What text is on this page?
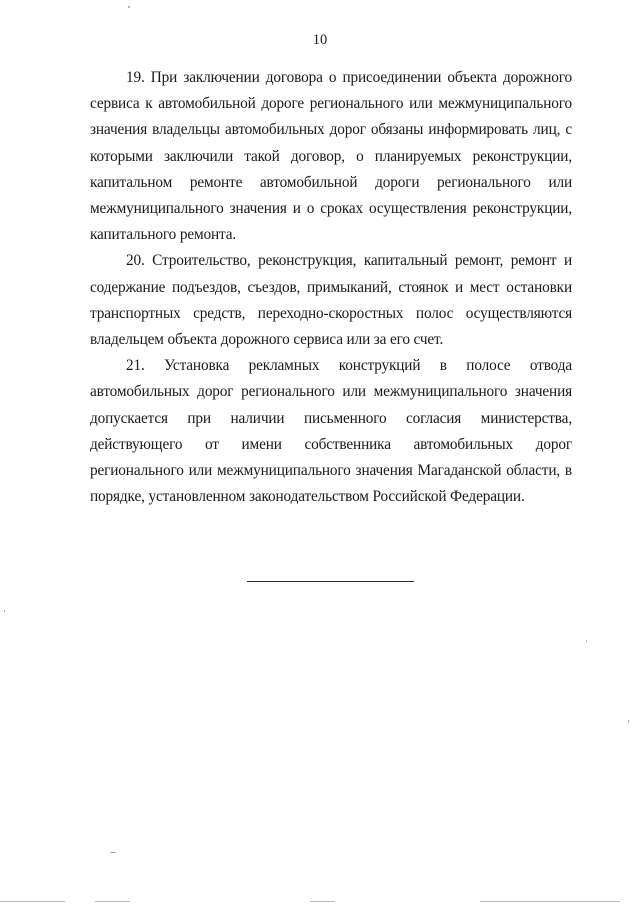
10

19. При заключении договора о присоединении объекта дорожного сервиса к автомобильной дороге регионального или межмуниципального значения владельцы автомобильных дорог обязаны информировать лиц, с которыми заключили такой договор, о планируемых реконструкции, капитальном ремонте автомобильной дороги регионального или межмуниципального значения и о сроках осуществления реконструкции, капитального ремонта.

20. Строительство, реконструкция, капитальный ремонт, ремонт и содержание подъездов, съездов, примыканий, стоянок и мест остановки транспортных средств, переходно-скоростных полос осуществляются владельцем объекта дорожного сервиса или за его счет.

21. Установка рекламных конструкций в полосе отвода автомобильных дорог регионального или межмуниципального значения допускается при наличии письменного согласия министерства, действующего от имени собственника автомобильных дорог регионального или межмуниципального значения Магаданской области, в порядке, установленном законодательством Российской Федерации.
